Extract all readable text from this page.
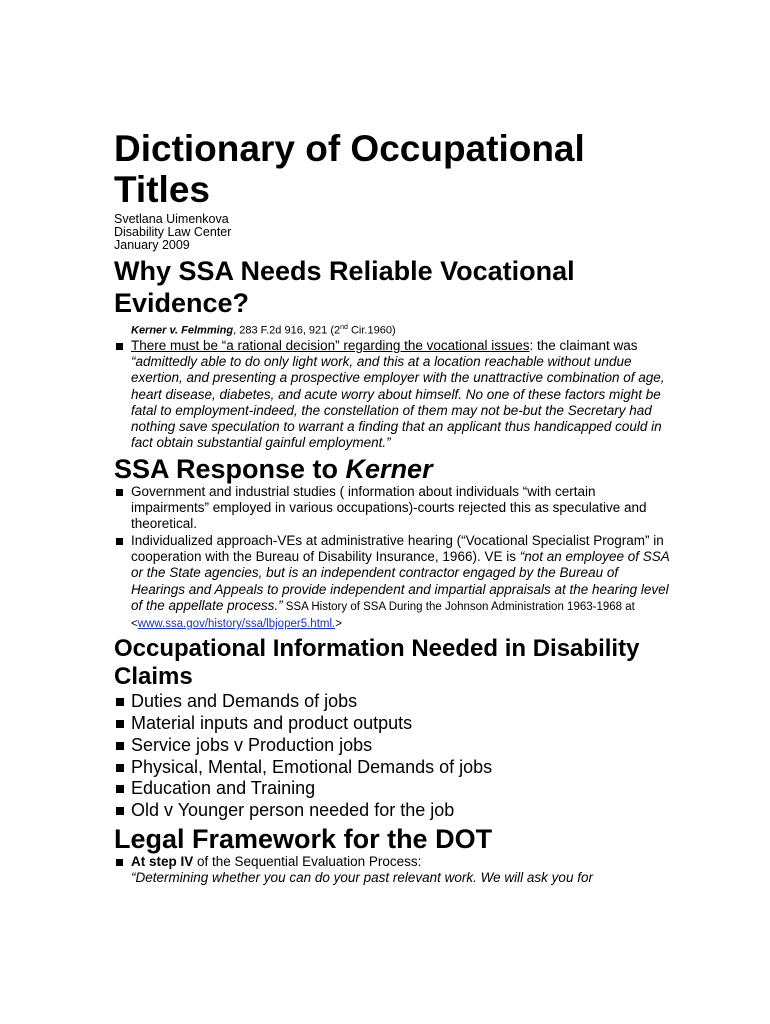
Dictionary of Occupational Titles
Svetlana Uimenkova
Disability Law Center
January 2009
Why SSA Needs Reliable Vocational Evidence?
Kerner v. Felmming, 283 F.2d 916, 921 (2nd Cir.1960)
There must be “a rational decision” regarding the vocational issues: the claimant was “admittedly able to do only light work, and this at a location reachable without undue exertion, and presenting a prospective employer with the unattractive combination of age, heart disease, diabetes, and acute worry about himself. No one of these factors might be fatal to employment-indeed, the constellation of them may not be-but the Secretary had nothing save speculation to warrant a finding that an applicant thus handicapped could in fact obtain substantial gainful employment.”
SSA Response to Kerner
Government and industrial studies ( information about individuals “with certain impairments” employed in various occupations)-courts rejected this as speculative and theoretical.
Individualized approach-VEs at administrative hearing (“Vocational Specialist Program” in cooperation with the Bureau of Disability Insurance, 1966). VE is “not an employee of SSA or the State agencies, but is an independent contractor engaged by the Bureau of Hearings and Appeals to provide independent and impartial appraisals at the hearing level of the appellate process.” SSA History of SSA During the Johnson Administration 1963-1968 at <www.ssa.gov/history/ssa/lbjoper5.html.>
Occupational Information Needed in Disability Claims
Duties and Demands of jobs
Material inputs and product outputs
Service jobs v Production jobs
Physical, Mental, Emotional Demands of jobs
Education and Training
Old v Younger person needed for the job
Legal Framework for the DOT
At step IV of the Sequential Evaluation Process:
“Determining whether you can do your past relevant work. We will ask you for
